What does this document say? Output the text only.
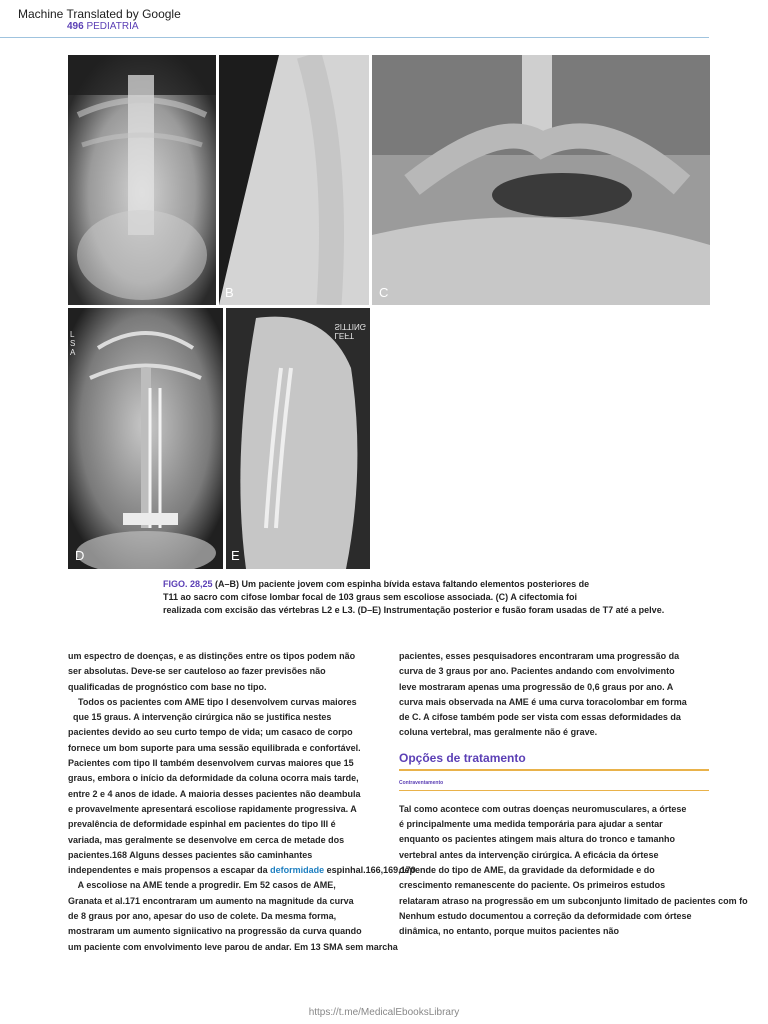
Machine Translated by Google
496 PEDIATRIA
B	C
L
S
A
D
LEFT
SITTING
E

FIGO. 28,25 (A–B) Um paciente jovem com espinha bívida estava faltando elementos posteriores de

T11 ao sacro com cifose lombar focal de 103 graus sem escoliose associada. (C) A cifectomia foi

realizada com excisão das vértebras L2 e L3. (D–E) Instrumentação posterior e fusão foram usadas de T7 até a pelve.

um espectro de doenças, e as distinções entre os tipos podem não

ser absolutas. Deve-se ser cauteloso ao fazer previsões não

qualificadas de prognóstico com base no tipo.

Todos os pacientes com AME tipo I desenvolvem curvas maiores

que 15 graus. A intervenção cirúrgica não se justifica nestes

pacientes devido ao seu curto tempo de vida; um casaco de corpo

fornece um bom suporte para uma sessão equilibrada e confortável.

Pacientes com tipo II também desenvolvem curvas maiores que 15

graus, embora o início da deformidade da coluna ocorra mais tarde,

entre 2 e 4 anos de idade. A maioria desses pacientes não deambula

e provavelmente apresentará escoliose rapidamente progressiva. A

prevalência de deformidade espinhal em pacientes do tipo III é

variada, mas geralmente se desenvolve em cerca de metade dos

pacientes.168 Alguns desses pacientes são caminhantes

independentes e mais propensos a escapar da deformidade espinhal.166,169,170

A escoliose na AME tende a progredir. Em 52 casos de AME,

Granata et al.171 encontraram um aumento na magnitude da curva

de 8 graus por ano, apesar do uso de colete. Da mesma forma,

mostraram um aumento signiicativo na progressão da curva quando

um paciente com envolvimento leve parou de andar. Em 13 SMA sem marcha

pacientes, esses pesquisadores encontraram uma progressão da

curva de 3 graus por ano. Pacientes andando com envolvimento

leve mostraram apenas uma progressão de 0,6 graus por ano. A

curva mais observada na AME é uma curva toracolombar em forma

de C. A cifose também pode ser vista com essas deformidades da

coluna vertebral, mas geralmente não é grave.

Opções de tratamento

Contraventamento

Tal como acontece com outras doenças neuromusculares, a órtese

é principalmente uma medida temporária para ajudar a sentar

enquanto os pacientes atingem mais altura do tronco e tamanho

vertebral antes da intervenção cirúrgica. A eficácia da órtese

depende do tipo de AME, da gravidade da deformidade e do

crescimento remanescente do paciente. Os primeiros estudos

relataram atraso na progressão em um subconjunto limitado de pacientes com fo

Nenhum estudo documentou a correção da deformidade com órtese

dinâmica, no entanto, porque muitos pacientes não

https://t.me/MedicalEbooksLibrary
